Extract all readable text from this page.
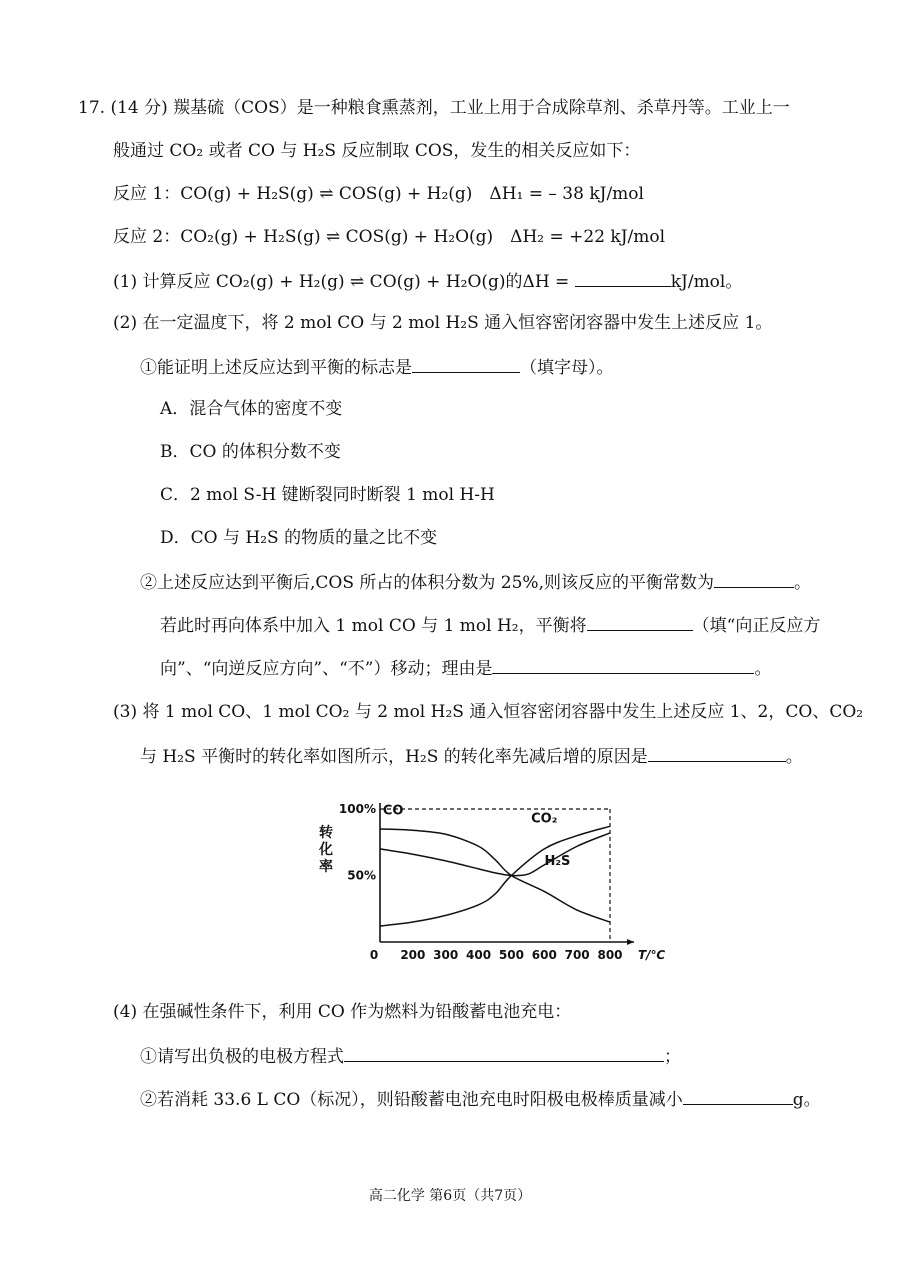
17. (14 分) 羰基硫（COS）是一种粮食熏蒸剂，工业上用于合成除草剂、杀草丹等。工业上一
般通过 CO₂ 或者 CO 与 H₂S 反应制取 COS，发生的相关反应如下：
反应 1：CO(g) + H₂S(g) ⇌ COS(g) + H₂(g)　ΔH₁ = – 38 kJ/mol
反应 2：CO₂(g) + H₂S(g) ⇌ COS(g) + H₂O(g)　ΔH₂ = +22 kJ/mol
(1) 计算反应 CO₂(g) + H₂(g) ⇌ CO(g) + H₂O(g)的ΔH =	kJ/mol。
(2) 在一定温度下，将 2 mol CO 与 2 mol H₂S 通入恒容密闭容器中发生上述反应 1。
①能证明上述反应达到平衡的标志是	（填字母）。
A．混合气体的密度不变
B．CO 的体积分数不变
C．2 mol S-H 键断裂同时断裂 1 mol H-H
D．CO 与 H₂S 的物质的量之比不变
②上述反应达到平衡后,COS 所占的体积分数为 25%,则该反应的平衡常数为	。
若此时再向体系中加入 1 mol CO 与 1 mol H₂，平衡将	（填“向正反应方
向”、“向逆反应方向”、“不”）移动；理由是	。
(3) 将 1 mol CO、1 mol CO₂ 与 2 mol H₂S 通入恒容密闭容器中发生上述反应 1、2，CO、CO₂
与 H₂S 平衡时的转化率如图所示，H₂S 的转化率先减后增的原因是	。
0 200 300 400 500 600 700 800
100%
50%
T/℃
转
化
率
CO
CO₂
H₂S
(4) 在强碱性条件下，利用 CO 作为燃料为铅酸蓄电池充电：
①请写出负极的电极方程式	；
②若消耗 33.6 L CO（标况），则铅酸蓄电池充电时阳极电极棒质量减小	g。
高二化学 第6页（共7页）
